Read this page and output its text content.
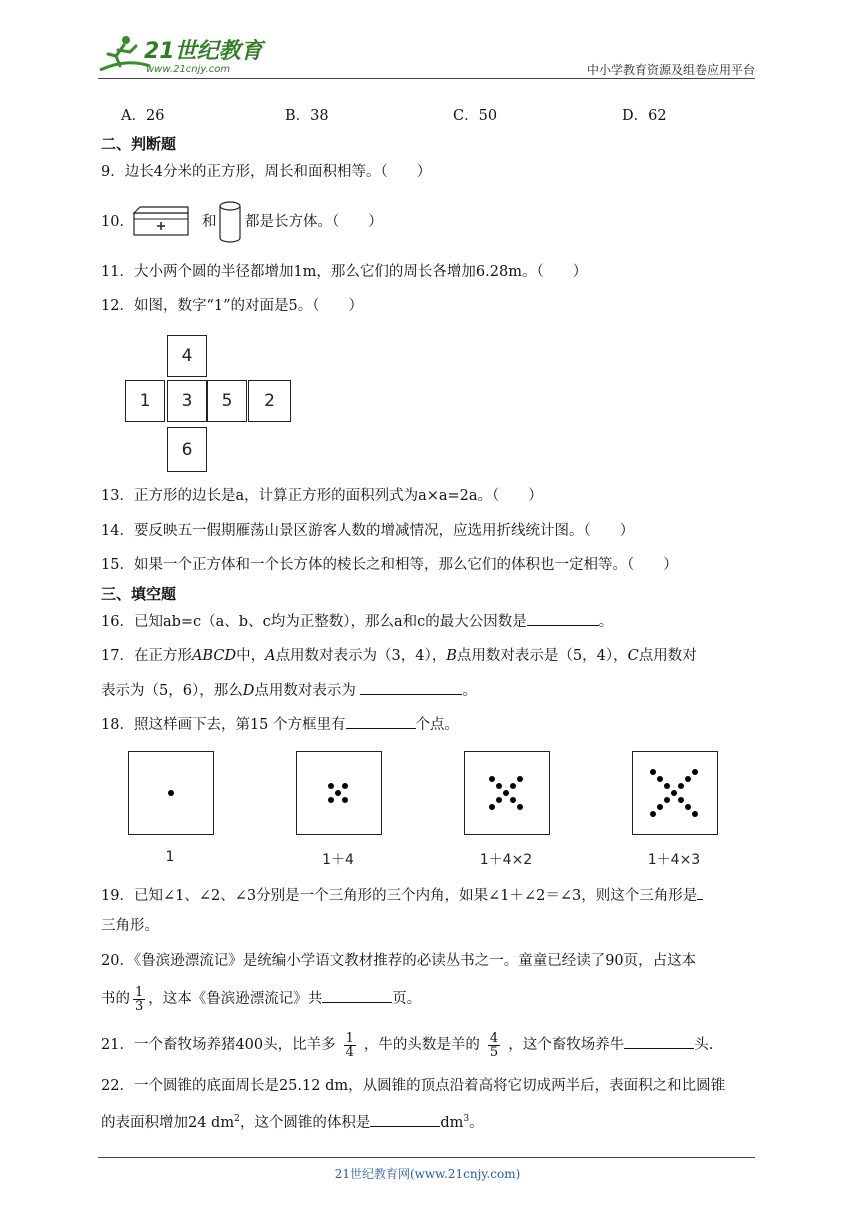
21世纪教育
www.21cnjy.com	中小学教育资源及组卷应用平台
A．26	B．38	C．50	D．62
二、判断题
9．边长4分米的正方形，周长和面积相等。（　　）
10．	和 都是长方体。（　　）
11．大小两个圆的半径都增加1m，那么它们的周长各增加6.28m。（　　）
12．如图，数字“1”的对面是5。（　　）
4
1	3	5	2
6
13．正方形的边长是a，计算正方形的面积列式为a×a=2a。（　　）
14．要反映五一假期雁荡山景区游客人数的增减情况，应选用折线统计图。（　　）
15．如果一个正方体和一个长方体的棱长之和相等，那么它们的体积也一定相等。（　　）
三、填空题
16．已知ab=c（a、b、c均为正整数），那么a和c的最大公因数是	。
17．在正方形ABCD中，A点用数对表示为（3，4），B点用数对表示是（5，4），C点用数对
表示为（5，6），那么D点用数对表示为	。
18．照这样画下去，第15 个方框里有	个点。
1	1＋4	1＋4×2	1＋4×3
19．已知∠1、∠2、∠3分别是一个三角形的三个内角，如果∠1＋∠2＝∠3，则这个三角形是
三角形。
20．《鲁滨逊漂流记》是统编小学语文教材推荐的必读丛书之一。童童已经读了90页，占这本
书的 $\frac{1}{3}$ ，这本《鲁滨逊漂流记》共	页。
21．一个畜牧场养猪400头，比羊多 $\frac{1}{4}$ ，牛的头数是羊的 $\frac{4}{5}$ ，这个畜牧场养牛	头.
22．一个圆锥的底面周长是25.12 dm，从圆锥的顶点沿着高将它切成两半后，表面积之和比圆锥
的表面积增加24 $dm^2$，这个圆锥的体积是	$dm^3$。
21世纪教育网(www.21cnjy.com)
